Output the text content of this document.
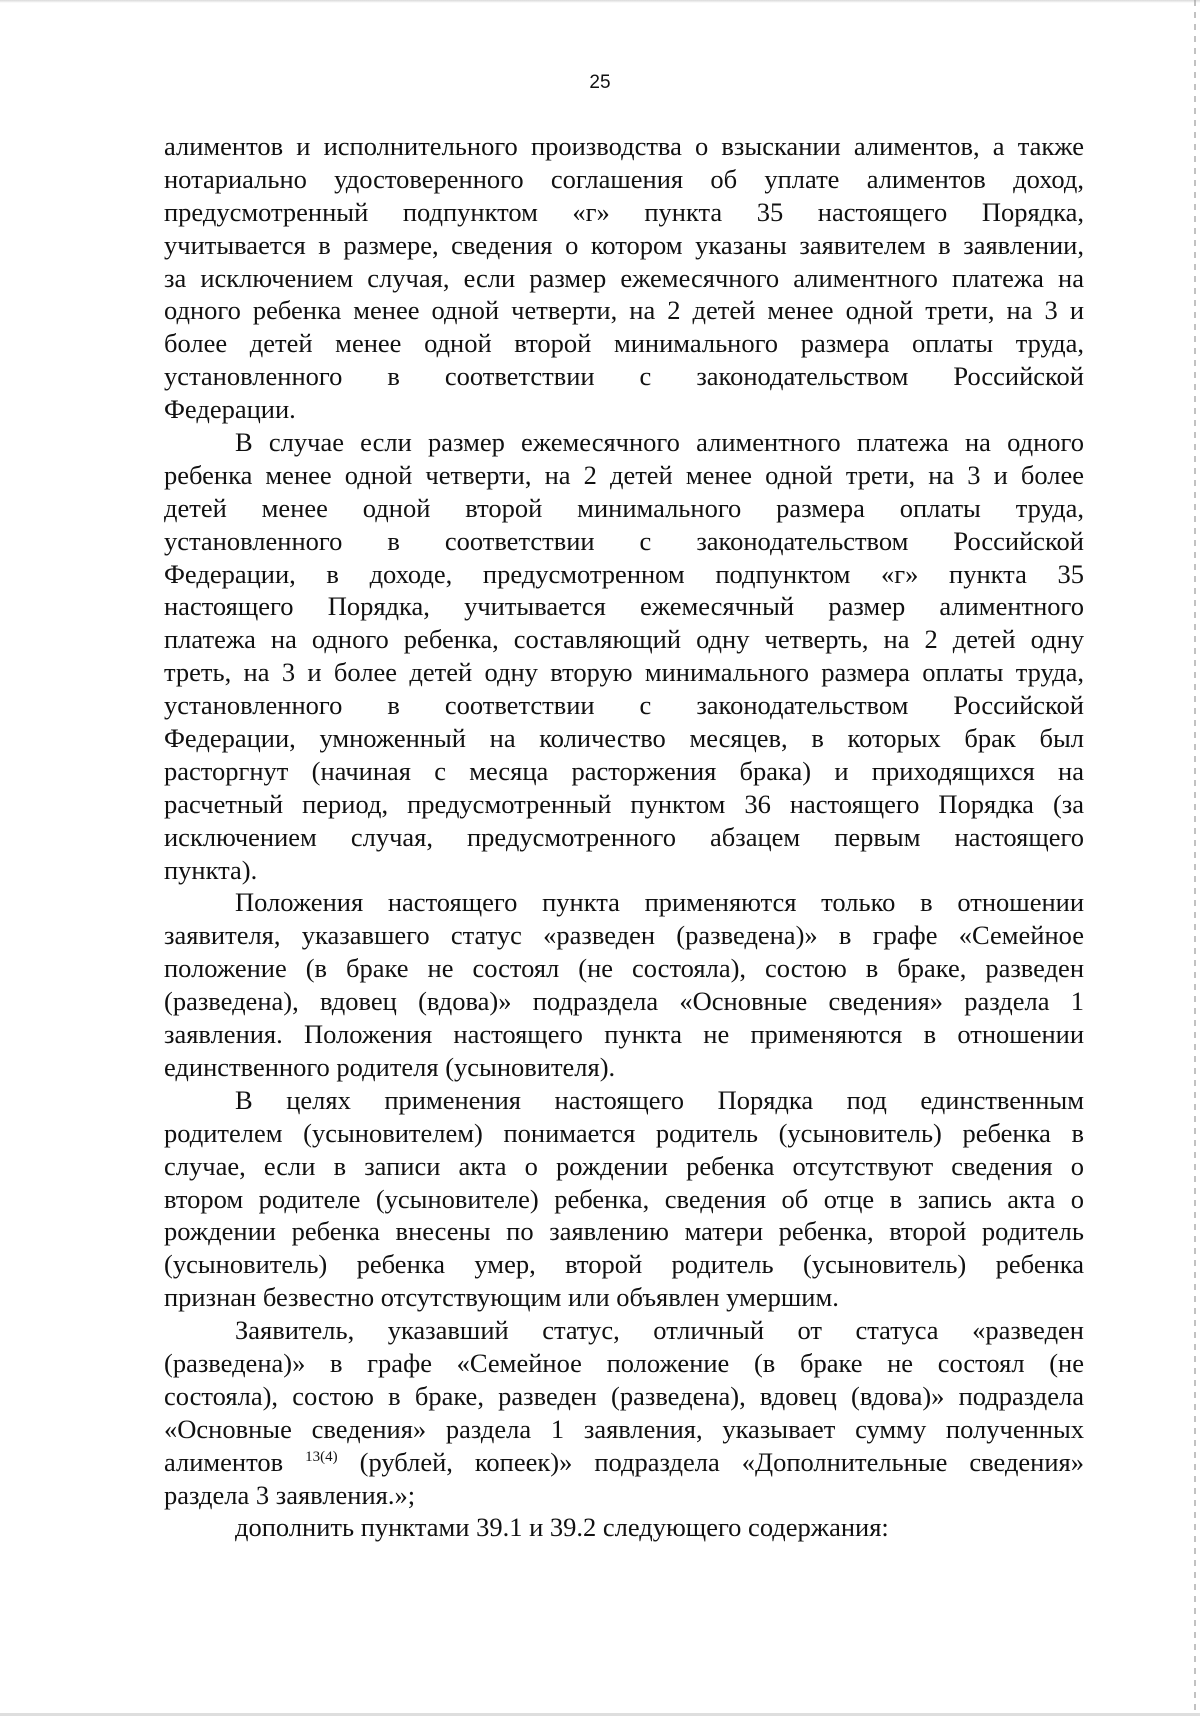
25
алиментов и исполнительного производства о взыскании алиментов, а также
нотариально удостоверенного соглашения об уплате алиментов доход,
предусмотренный подпунктом «г» пункта 35 настоящего Порядка,
учитывается в размере, сведения о котором указаны заявителем в заявлении,
за исключением случая, если размер ежемесячного алиментного платежа на
одного ребенка менее одной четверти, на 2 детей менее одной трети, на 3 и
более детей менее одной второй минимального размера оплаты труда,
установленного в соответствии с законодательством Российской
Федерации.
В случае если размер ежемесячного алиментного платежа на одного
ребенка менее одной четверти, на 2 детей менее одной трети, на 3 и более
детей менее одной второй минимального размера оплаты труда,
установленного в соответствии с законодательством Российской
Федерации, в доходе, предусмотренном подпунктом «г» пункта 35
настоящего Порядка, учитывается ежемесячный размер алиментного
платежа на одного ребенка, составляющий одну четверть, на 2 детей одну
треть, на 3 и более детей одну вторую минимального размера оплаты труда,
установленного в соответствии с законодательством Российской
Федерации, умноженный на количество месяцев, в которых брак был
расторгнут (начиная с месяца расторжения брака) и приходящихся на
расчетный период, предусмотренный пунктом 36 настоящего Порядка (за
исключением случая, предусмотренного абзацем первым настоящего
пункта).
Положения настоящего пункта применяются только в отношении
заявителя, указавшего статус «разведен (разведена)» в графе «Семейное
положение (в браке не состоял (не состояла), состою в браке, разведен
(разведена), вдовец (вдова)» подраздела «Основные сведения» раздела 1
заявления. Положения настоящего пункта не применяются в отношении
единственного родителя (усыновителя).
В целях применения настоящего Порядка под единственным
родителем (усыновителем) понимается родитель (усыновитель) ребенка в
случае, если в записи акта о рождении ребенка отсутствуют сведения о
втором родителе (усыновителе) ребенка, сведения об отце в запись акта о
рождении ребенка внесены по заявлению матери ребенка, второй родитель
(усыновитель) ребенка умер, второй родитель (усыновитель) ребенка
признан безвестно отсутствующим или объявлен умершим.
Заявитель, указавший статус, отличный от статуса «разведен
(разведена)» в графе «Семейное положение (в браке не состоял (не
состояла), состою в браке, разведен (разведена), вдовец (вдова)» подраздела
«Основные сведения» раздела 1 заявления, указывает сумму полученных
алиментов $^{13(4)}$ (рублей, копеек)» подраздела «Дополнительные сведения»
раздела 3 заявления.»;
дополнить пунктами 39.1 и 39.2 следующего содержания:
